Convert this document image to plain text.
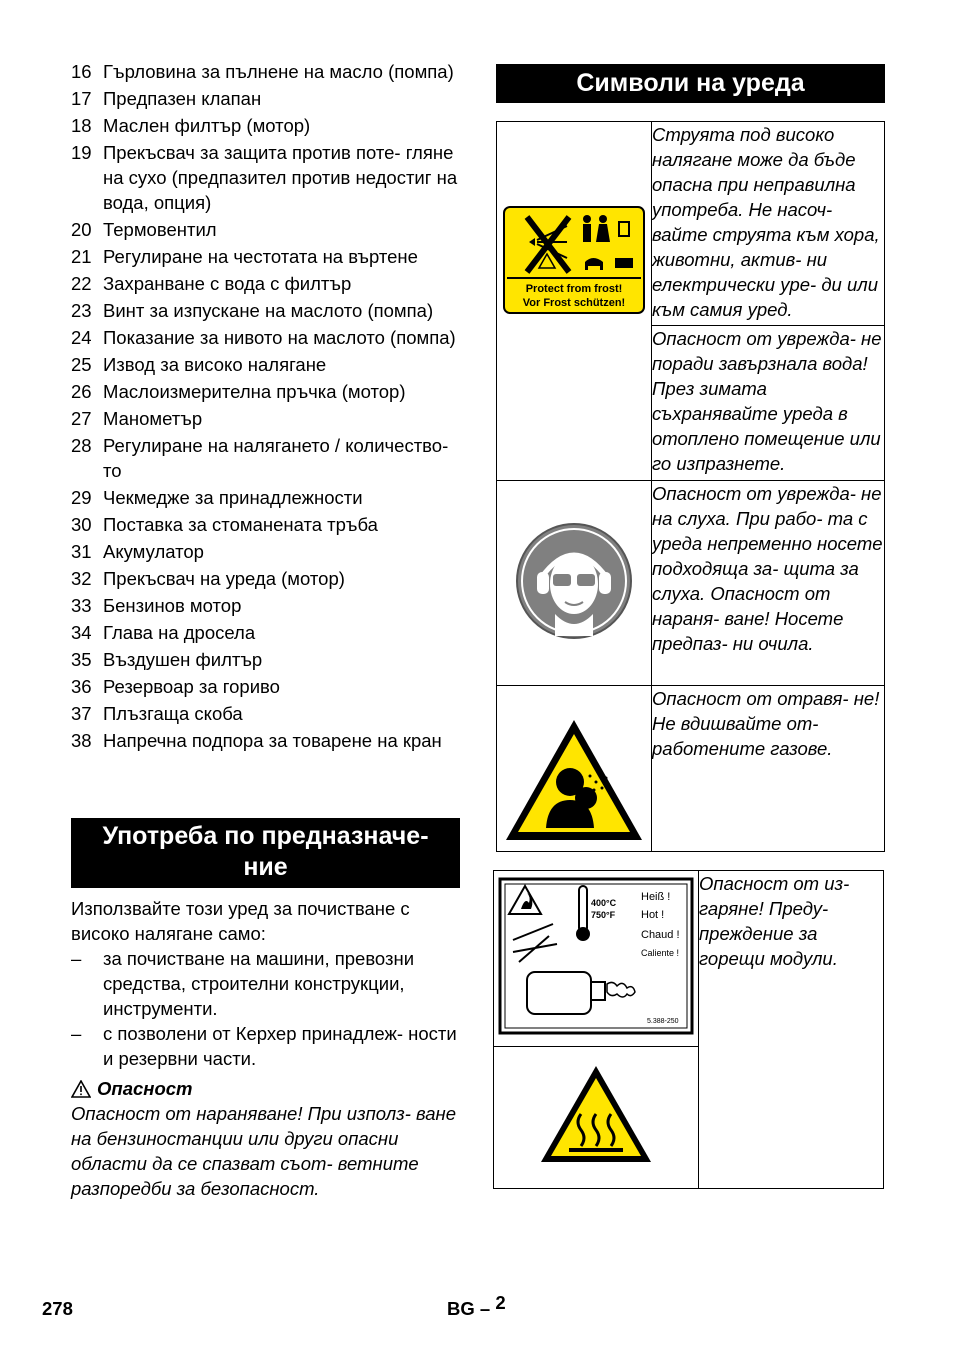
16 Гърловина за пълнене на масло (помпа)
17 Предпазен клапан
18 Маслен филтър (мотор)
19 Прекъсвач за защита против поте- гляне на сухо (предпазител против недостиг на вода, опция)
20 Термовентил
21 Регулиране на честотата на въртене
22 Захранване с вода с филтър
23 Винт за изпускане на маслото (помпа)
24 Показание за нивото на маслото (помпа)
25 Извод за високо налягане
26 Маслоизмерителна пръчка (мотор)
27 Манометър
28 Регулиране на налягането / количество- то
29 Чекмедже за принадлежности
30 Поставка за стоманената тръба
31 Акумулатор
32 Прекъсвач на уреда (мотор)
33 Бензинов мотор
34 Глава на дросела
35 Въздушен филтър
36 Резервоар за гориво
37 Плъзгаща скоба
38 Напречна подпора за товарене на кран
Употреба по предназначе-
ние
Използвайте този уред за почистване с високо налягане само:
–	за почистване на машини, превозни средства, строителни конструкции, инструменти.
–	с позволени от Керхер принадлеж- ности и резервни части.
Опасност
Опасност от нараняване! При използ- ване на бензиностанции или други опасни области да се спазват съот- ветните разпоредби за безопасност.
Символи на уреда
Protect from frost!
Vor Frost schützen!	Струята под високо налягане може да бъде опасна при неправилна употреба. Не насоч- вайте струята към хора, животни, актив- ни електрически уре- ди или към самия уред.
	Опасност от уврежда- не поради завързнала вода! През зимата съхранявайте уреда в отоплено помещение или го изпразнете.
	Опасност от уврежда- не на слуха. При рабо- та с уреда непременно носете подходяща за- щита за слуха. Опасност от нараня- ване! Носете предпаз- ни очила.
	Опасност от отравя- не! Не вдишвайте от- работените газове.
400°C
750°F
Heiß !
Hot !
Chaud !
Caliente !
5.388-250
	Опасност от из- гаряне! Преду- преждение за горещи модули.

278	BG – 2
